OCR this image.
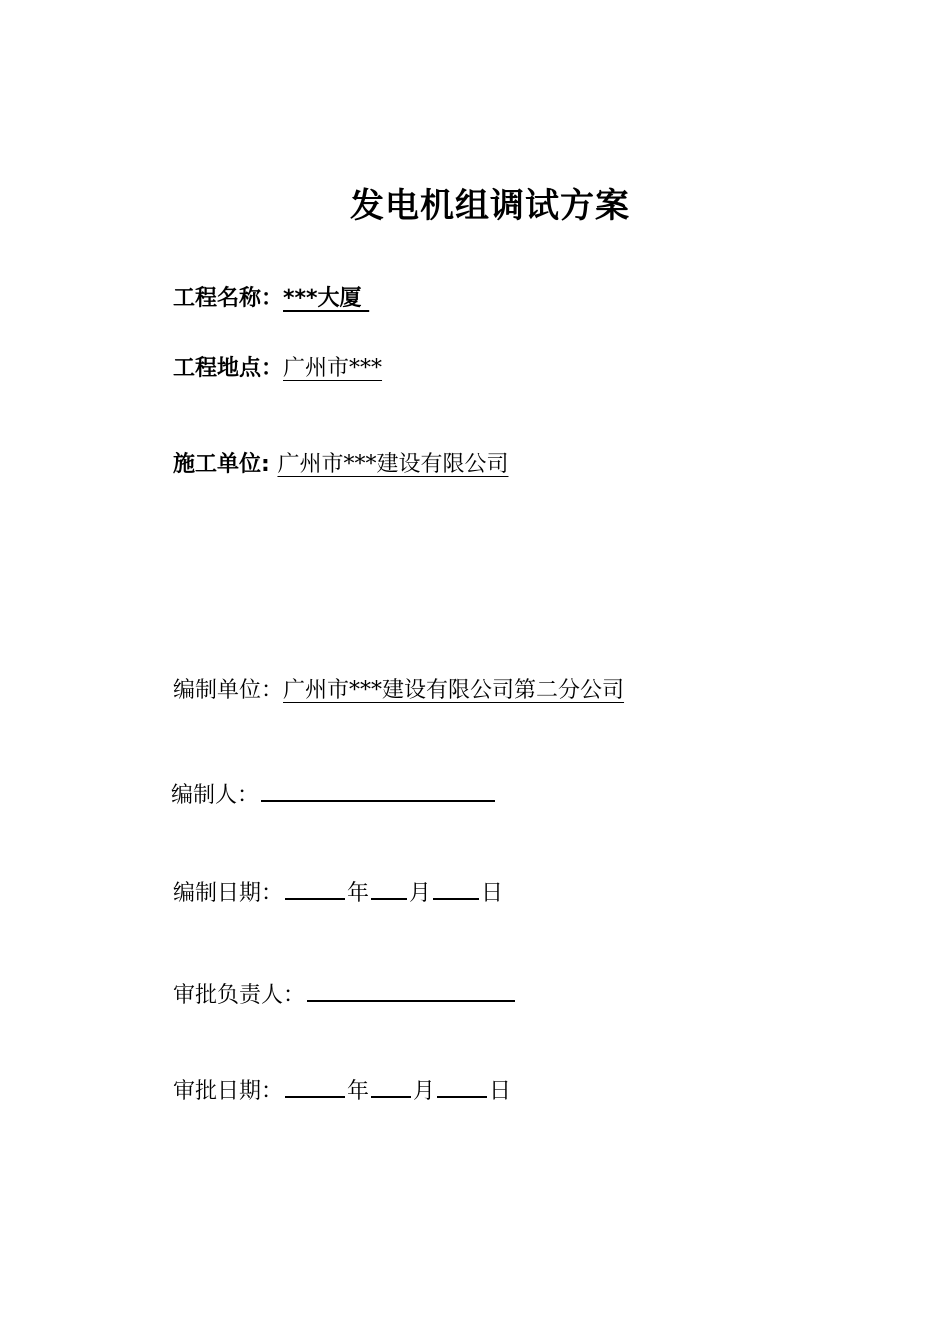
发电机组调试方案
工程名称：***大厦
工程地点：广州市***
施工单位: 广州市***建设有限公司
编制单位：广州市***建设有限公司第二分公司
编制人：
编制日期：	年 月 日
审批负责人：
审批日期：	年 月 日
